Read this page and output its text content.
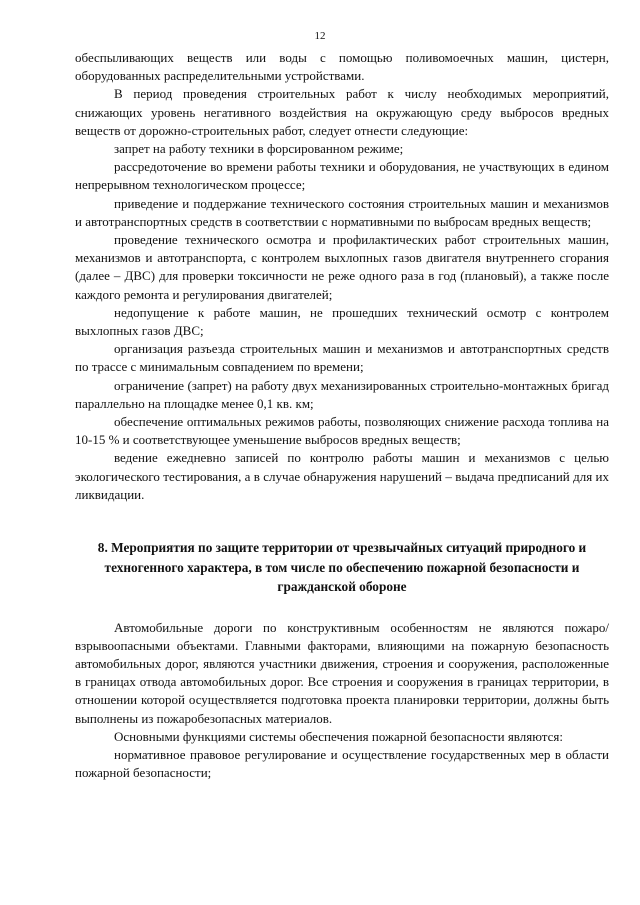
12

обеспыливающих веществ или воды с помощью поливомоечных машин, цистерн, оборудованных распределительными устройствами.

В период проведения строительных работ к числу необходимых мероприятий, снижающих уровень негативного воздействия на окружающую среду выбросов вредных веществ от дорожно-строительных работ, следует отнести следующие:

запрет на работу техники в форсированном режиме;

рассредоточение во времени работы техники и оборудования, не участвующих в едином непрерывном технологическом процессе;

приведение и поддержание технического состояния строительных машин и механизмов и автотранспортных средств в соответствии с нормативными по выбросам вредных веществ;

проведение технического осмотра и профилактических работ строительных машин, механизмов и автотранспорта, с контролем выхлопных газов двигателя внутреннего сгорания (далее – ДВС) для проверки токсичности не реже одного раза в год (плановый), а также после каждого ремонта и регулирования двигателей;

недопущение к работе машин, не прошедших технический осмотр с контролем выхлопных газов ДВС;

организация разъезда строительных машин и механизмов и автотранспортных средств по трассе с минимальным совпадением по времени;

ограничение (запрет) на работу двух механизированных строительно-монтажных бригад параллельно на площадке менее 0,1 кв. км;

обеспечение оптимальных режимов работы, позволяющих снижение расхода топлива на 10-15 % и соответствующее уменьшение выбросов вредных веществ;

ведение ежедневно записей по контролю работы машин и механизмов с целью экологического тестирования, а в случае обнаружения нарушений – выдача предписаний для их ликвидации.

8. Мероприятия по защите территории от чрезвычайных ситуаций природного и техногенного характера, в том числе по обеспечению пожарной безопасности и гражданской обороне

Автомобильные дороги по конструктивным особенностям не являются пожаро/взрывоопасными объектами. Главными факторами, влияющими на пожарную безопасность автомобильных дорог, являются участники движения, строения и сооружения, расположенные в границах отвода автомобильных дорог. Все строения и сооружения в границах территории, в отношении которой осуществляется подготовка проекта планировки территории, должны быть выполнены из пожаробезопасных материалов.

Основными функциями системы обеспечения пожарной безопасности являются:

нормативное правовое регулирование и осуществление государственных мер в области пожарной безопасности;
